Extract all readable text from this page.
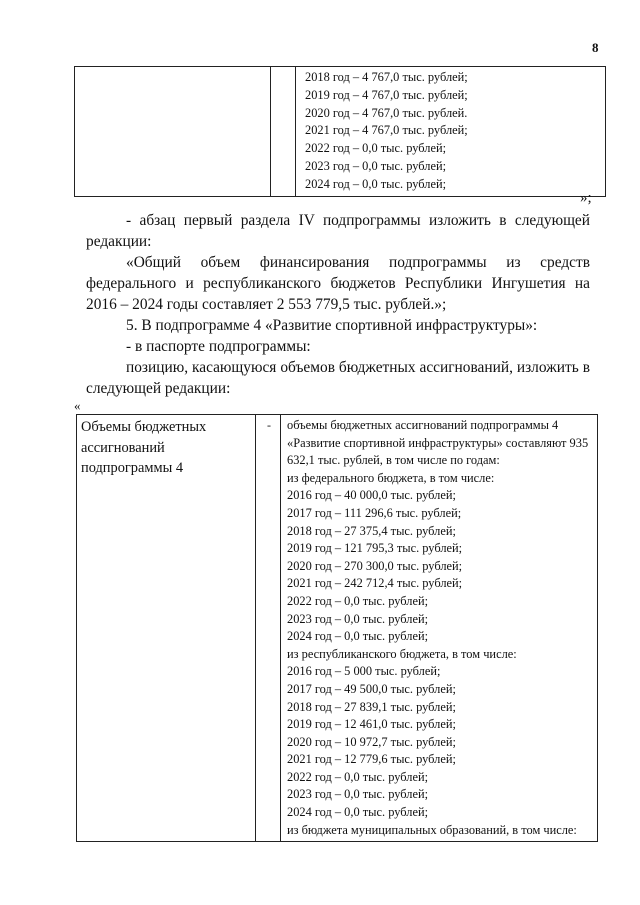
8

2018 год – 4 767,0 тыс. рублей;
2019 год – 4 767,0 тыс. рублей;
2020 год – 4 767,0 тыс. рублей.
2021 год – 4 767,0 тыс. рублей;
2022 год – 0,0 тыс. рублей;
2023 год – 0,0 тыс. рублей;
2024 год – 0,0 тыс. рублей;
»;
- абзац первый раздела IV подпрограммы изложить в следующей редакции:
«Общий объем финансирования подпрограммы из средств федерального и республиканского бюджетов Республики Ингушетия на 2016 – 2024 годы составляет 2 553 779,5 тыс. рублей.»;
5. В подпрограмме 4 «Развитие спортивной инфраструктуры»:
- в паспорте подпрограммы:
позицию, касающуюся объемов бюджетных ассигнований, изложить в следующей редакции:
«
Объемы бюджетных ассигнований подпрограммы 4	-	объемы бюджетных ассигнований подпрограммы 4 «Развитие спортивной инфраструктуры» составляют 935 632,1 тыс. рублей, в том числе по годам:
из федерального бюджета, в том числе:
2016 год – 40 000,0 тыс. рублей;
2017 год – 111 296,6 тыс. рублей;
2018 год – 27 375,4 тыс. рублей;
2019 год – 121 795,3 тыс. рублей;
2020 год – 270 300,0 тыс. рублей;
2021 год – 242 712,4 тыс. рублей;
2022 год – 0,0 тыс. рублей;
2023 год – 0,0 тыс. рублей;
2024 год – 0,0 тыс. рублей;
из республиканского бюджета, в том числе:
2016 год – 5 000 тыс. рублей;
2017 год – 49 500,0 тыс. рублей;
2018 год – 27 839,1 тыс. рублей;
2019 год – 12 461,0 тыс. рублей;
2020 год – 10 972,7 тыс. рублей;
2021 год – 12 779,6 тыс. рублей;
2022 год – 0,0 тыс. рублей;
2023 год – 0,0 тыс. рублей;
2024 год – 0,0 тыс. рублей;
из бюджета муниципальных образований, в том числе:
